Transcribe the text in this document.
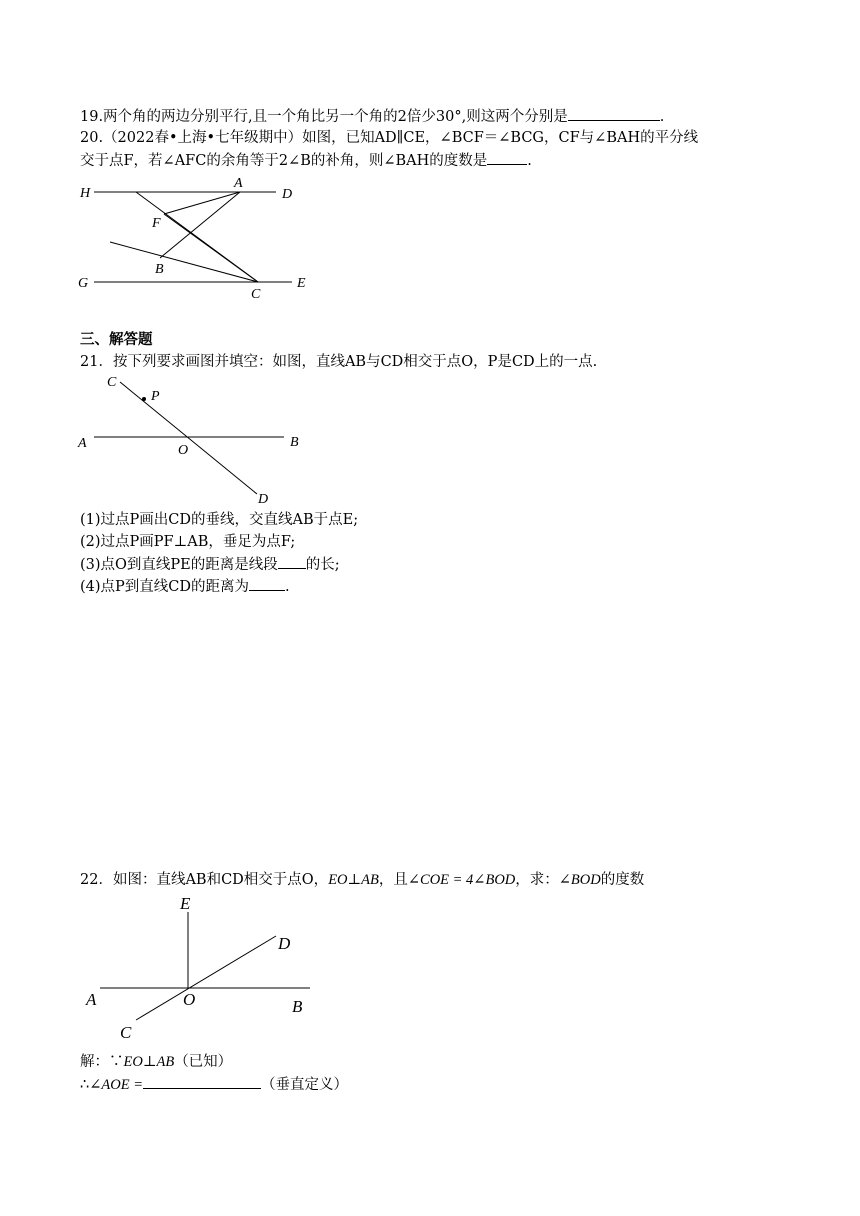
19.两个角的两边分别平行,且一个角比另一个角的2倍少30°,则这两个分别是	.
20.（2022春•上海•七年级期中）如图，已知AD∥CE，∠BCF＝∠BCG，CF与∠BAH的平分线
交于点F，若∠AFC的余角等于2∠B的补角，则∠BAH的度数是	.
H
A
D
F
B
G
C
E
三、解答题
21．按下列要求画图并填空：如图，直线AB与CD相交于点O，P是CD上的一点.
C
P
A	O
B
D
(1)过点P画出CD的垂线，交直线AB于点E;
(2)过点P画PF⊥AB，垂足为点F;
(3)点O到直线PE的距离是线段 的长;
(4)点P到直线CD的距离为 .
22．如图：直线AB和CD相交于点O，EO⊥AB，且∠COE = 4∠BOD，求：∠BOD的度数
E
D
A	O	B
C
解：∵EO⊥AB（已知）
∴∠AOE =	（垂直定义）
